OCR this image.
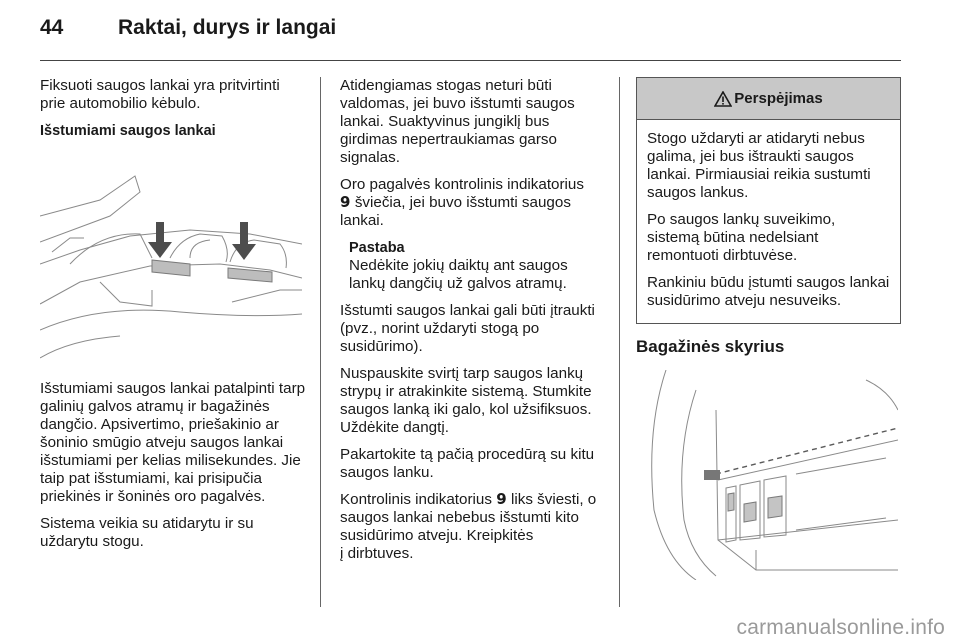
44	Raktai, durys ir langai

Fiksuoti saugos lankai yra pritvirtinti prie automobilio kėbulo.

Išstumiami saugos lankai

Išstumiami saugos lankai patalpinti tarp galinių galvos atramų ir bagažinės dangčio. Apsivertimo, priešakinio ar šoninio smūgio atveju saugos lankai išstumiami per kelias milisekundes. Jie taip pat išstumiami, kai prisipučia priekinės ir šoninės oro pagalvės.

Sistema veikia su atidarytu ir su uždarytu stogu.

Atidengiamas stogas neturi būti valdomas, jei buvo išstumti saugos lankai. Suaktyvinus jungiklį bus girdimas nepertraukiamas garso signalas.

Oro pagalvės kontrolinis indikatorius
𝟵 šviečia, jei buvo išstumti saugos lankai.

Pastaba
Nedėkite jokių daiktų ant saugos lankų dangčių už galvos atramų.

Išstumti saugos lankai gali būti įtraukti (pvz., norint uždaryti stogą po susidūrimo).

Nuspauskite svirtį tarp saugos lankų strypų ir atrakinkite sistemą. Stumkite saugos lanką iki galo, kol užsifiksuos. Uždėkite dangtį.

Pakartokite tą pačią procedūrą su kitu saugos lanku.

Kontrolinis indikatorius 𝟵 liks šviesti, o saugos lankai nebebus išstumti kito susidūrimo atveju. Kreipkitės
į dirbtuves.

Perspėjimas

Stogo uždaryti ar atidaryti nebus galima, jei bus ištraukti saugos lankai. Pirmiausiai reikia sustumti saugos lankus.

Po saugos lankų suveikimo, sistemą būtina nedelsiant remontuoti dirbtuvėse.

Rankiniu būdu įstumti saugos lankai susidūrimo atveju nesuveiks.

Bagažinės skyrius
carmanualsonline.info
